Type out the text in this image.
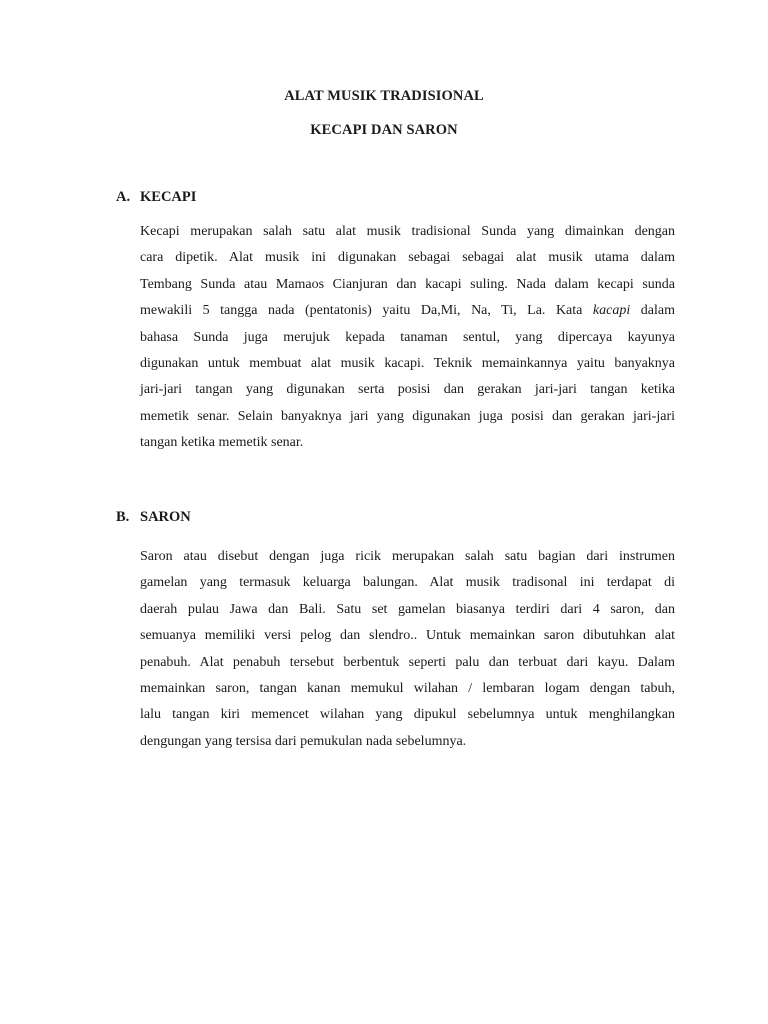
ALAT MUSIK TRADISIONAL
KECAPI DAN SARON
A. KECAPI
Kecapi merupakan salah satu alat musik tradisional Sunda yang dimainkan dengan
cara dipetik. Alat musik ini digunakan sebagai sebagai alat musik utama dalam
Tembang Sunda atau Mamaos Cianjuran dan kacapi suling. Nada dalam kecapi sunda
mewakili 5 tangga nada (pentatonis) yaitu Da,Mi, Na, Ti, La. Kata kacapi dalam
bahasa Sunda juga merujuk kepada tanaman sentul, yang dipercaya kayunya
digunakan untuk membuat alat musik kacapi. Teknik memainkannya yaitu banyaknya
jari-jari tangan yang digunakan serta posisi dan gerakan jari-jari tangan ketika
memetik senar. Selain banyaknya jari yang digunakan juga posisi dan gerakan jari-jari
tangan ketika memetik senar.
B. SARON
Saron atau disebut dengan juga ricik merupakan salah satu bagian dari instrumen
gamelan yang termasuk keluarga balungan. Alat musik tradisonal ini terdapat di
daerah pulau Jawa dan Bali. Satu set gamelan biasanya terdiri dari 4 saron, dan
semuanya memiliki versi pelog dan slendro.. Untuk memainkan saron dibutuhkan alat
penabuh. Alat penabuh tersebut berbentuk seperti palu dan terbuat dari kayu. Dalam
memainkan saron, tangan kanan memukul wilahan / lembaran logam dengan tabuh,
lalu tangan kiri memencet wilahan yang dipukul sebelumnya untuk menghilangkan
dengungan yang tersisa dari pemukulan nada sebelumnya.
